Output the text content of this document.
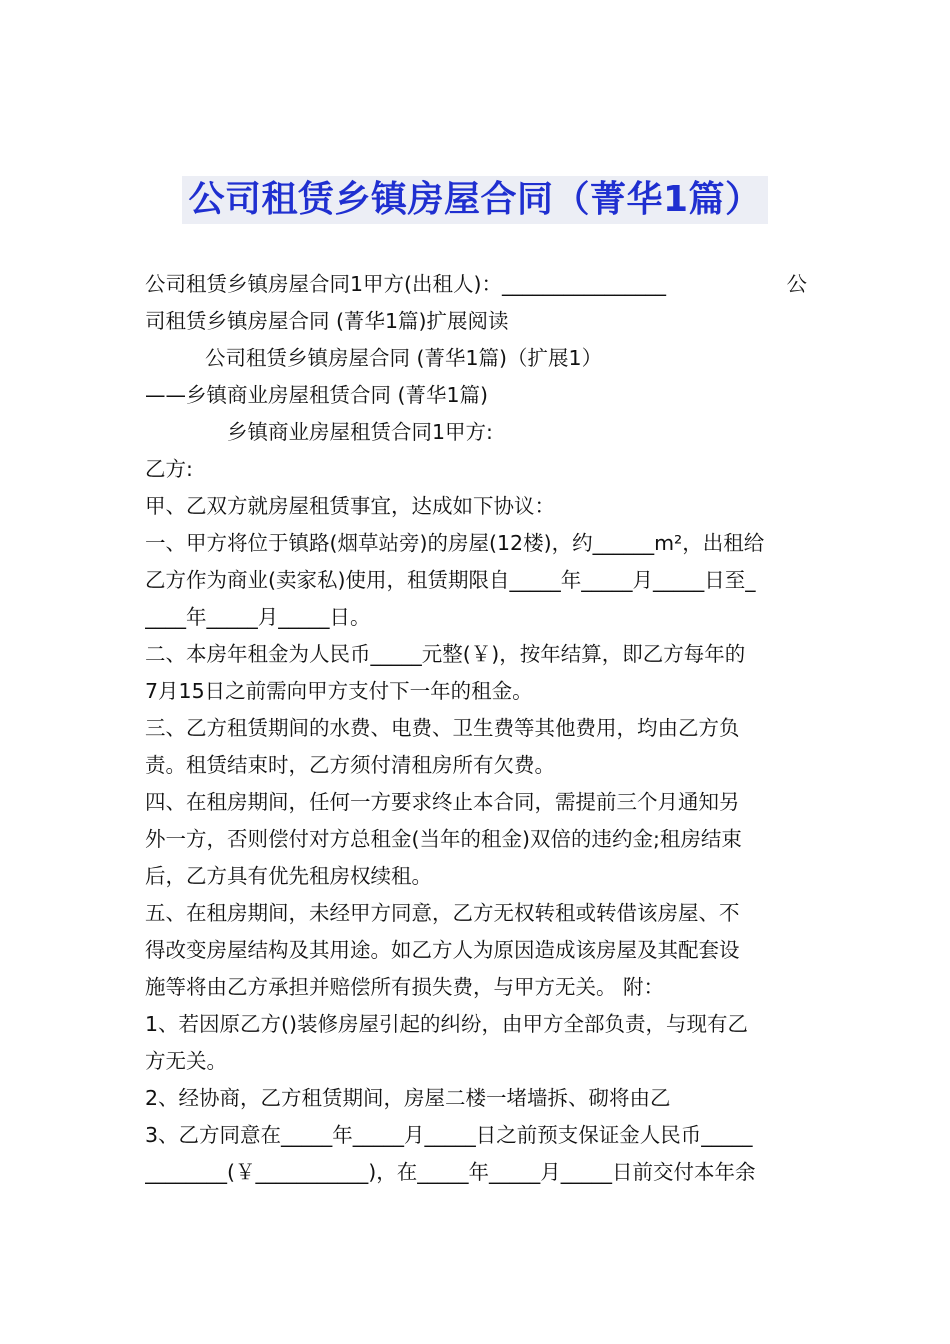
公司租赁乡镇房屋合同（菁华1篇）
公司租赁乡镇房屋合同1甲方(出租人)：________________	公
司租赁乡镇房屋合同 (菁华1篇)扩展阅读
公司租赁乡镇房屋合同 (菁华1篇)（扩展1）
——乡镇商业房屋租赁合同 (菁华1篇)
乡镇商业房屋租赁合同1甲方:
乙方:
甲、乙双方就房屋租赁事宜，达成如下协议：
一、甲方将位于镇路(烟草站旁)的房屋(12楼)，约______m²，出租给
乙方作为商业(卖家私)使用，租赁期限自_____年_____月_____日至_
____年_____月_____日。
二、本房年租金为人民币_____元整(￥)，按年结算，即乙方每年的
7月15日之前需向甲方支付下一年的租金。
三、乙方租赁期间的水费、电费、卫生费等其他费用，均由乙方负
责。租赁结束时，乙方须付清租房所有欠费。
四、在租房期间，任何一方要求终止本合同，需提前三个月通知另
外一方，否则偿付对方总租金(当年的租金)双倍的违约金;租房结束
后，乙方具有优先租房权续租。
五、在租房期间，未经甲方同意，乙方无权转租或转借该房屋、不
得改变房屋结构及其用途。如乙方人为原因造成该房屋及其配套设
施等将由乙方承担并赔偿所有损失费，与甲方无关。 附：
1、若因原乙方()装修房屋引起的纠纷，由甲方全部负责，与现有乙
方无关。
2、经协商，乙方租赁期间，房屋二楼一堵墙拆、砌将由乙
3、乙方同意在_____年_____月_____日之前预支保证金人民币_____
________(￥___________)，在_____年_____月_____日前交付本年余
